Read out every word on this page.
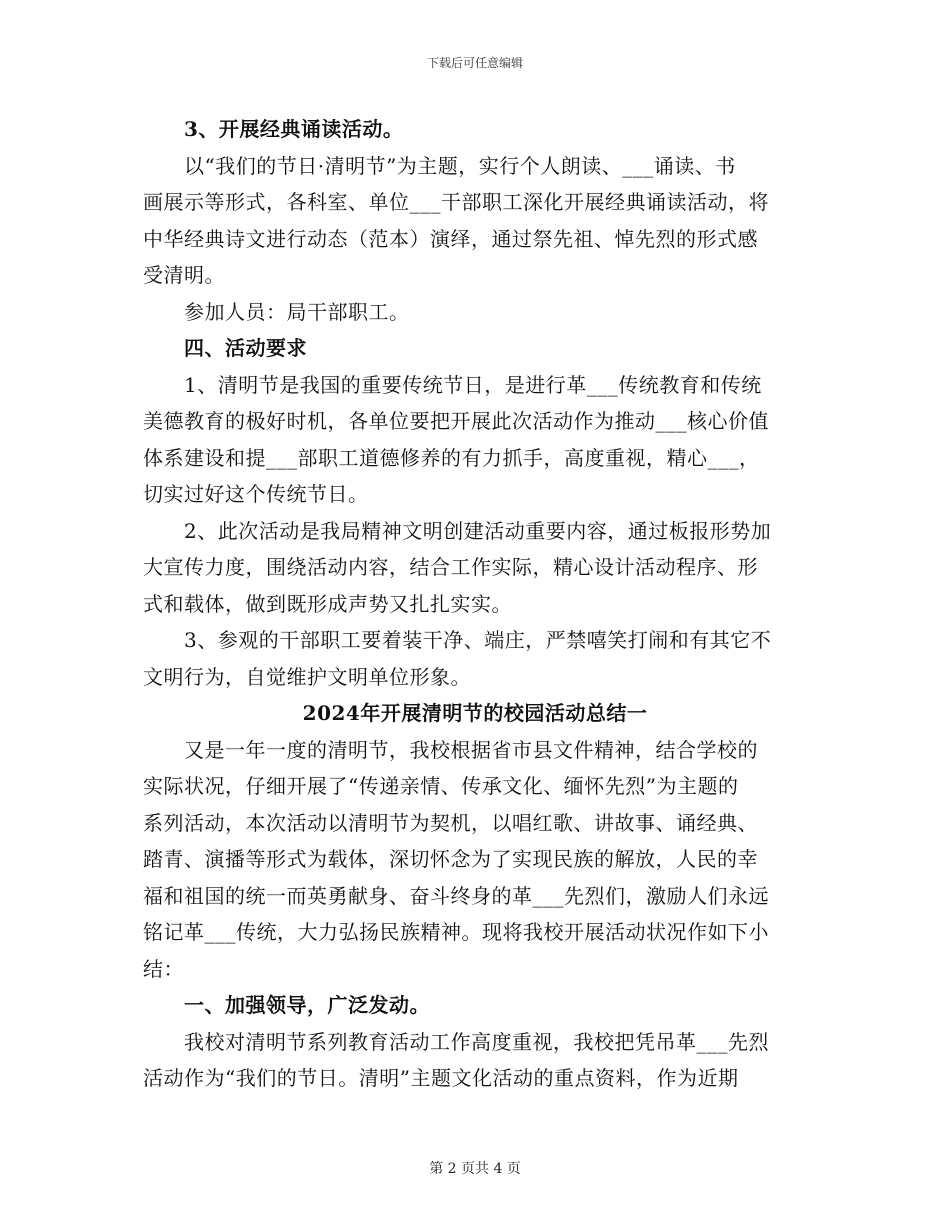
下载后可任意编辑
3、开展经典诵读活动。
以“我们的节日·清明节”为主题，实行个人朗读、___诵读、书
画展示等形式，各科室、单位___干部职工深化开展经典诵读活动，将
中华经典诗文进行动态（范本）演绎，通过祭先祖、悼先烈的形式感
受清明。
参加人员：局干部职工。
四、活动要求
1、清明节是我国的重要传统节日，是进行革___传统教育和传统
美德教育的极好时机，各单位要把开展此次活动作为推动___核心价值
体系建设和提___部职工道德修养的有力抓手，高度重视，精心___，
切实过好这个传统节日。
2、此次活动是我局精神文明创建活动重要内容，通过板报形势加
大宣传力度，围绕活动内容，结合工作实际，精心设计活动程序、形
式和载体，做到既形成声势又扎扎实实。
3、参观的干部职工要着装干净、端庄，严禁嘻笑打闹和有其它不
文明行为，自觉维护文明单位形象。
2024年开展清明节的校园活动总结一
又是一年一度的清明节，我校根据省市县文件精神，结合学校的
实际状况，仔细开展了“传递亲情、传承文化、缅怀先烈”为主题的
系列活动，本次活动以清明节为契机，以唱红歌、讲故事、诵经典、
踏青、演播等形式为载体，深切怀念为了实现民族的解放，人民的幸
福和祖国的统一而英勇献身、奋斗终身的革___先烈们，激励人们永远
铭记革___传统，大力弘扬民族精神。现将我校开展活动状况作如下小
结：
一、加强领导，广泛发动。
我校对清明节系列教育活动工作高度重视，我校把凭吊革___先烈
活动作为“我们的节日。清明”主题文化活动的重点资料，作为近期
第 2 页共 4 页
